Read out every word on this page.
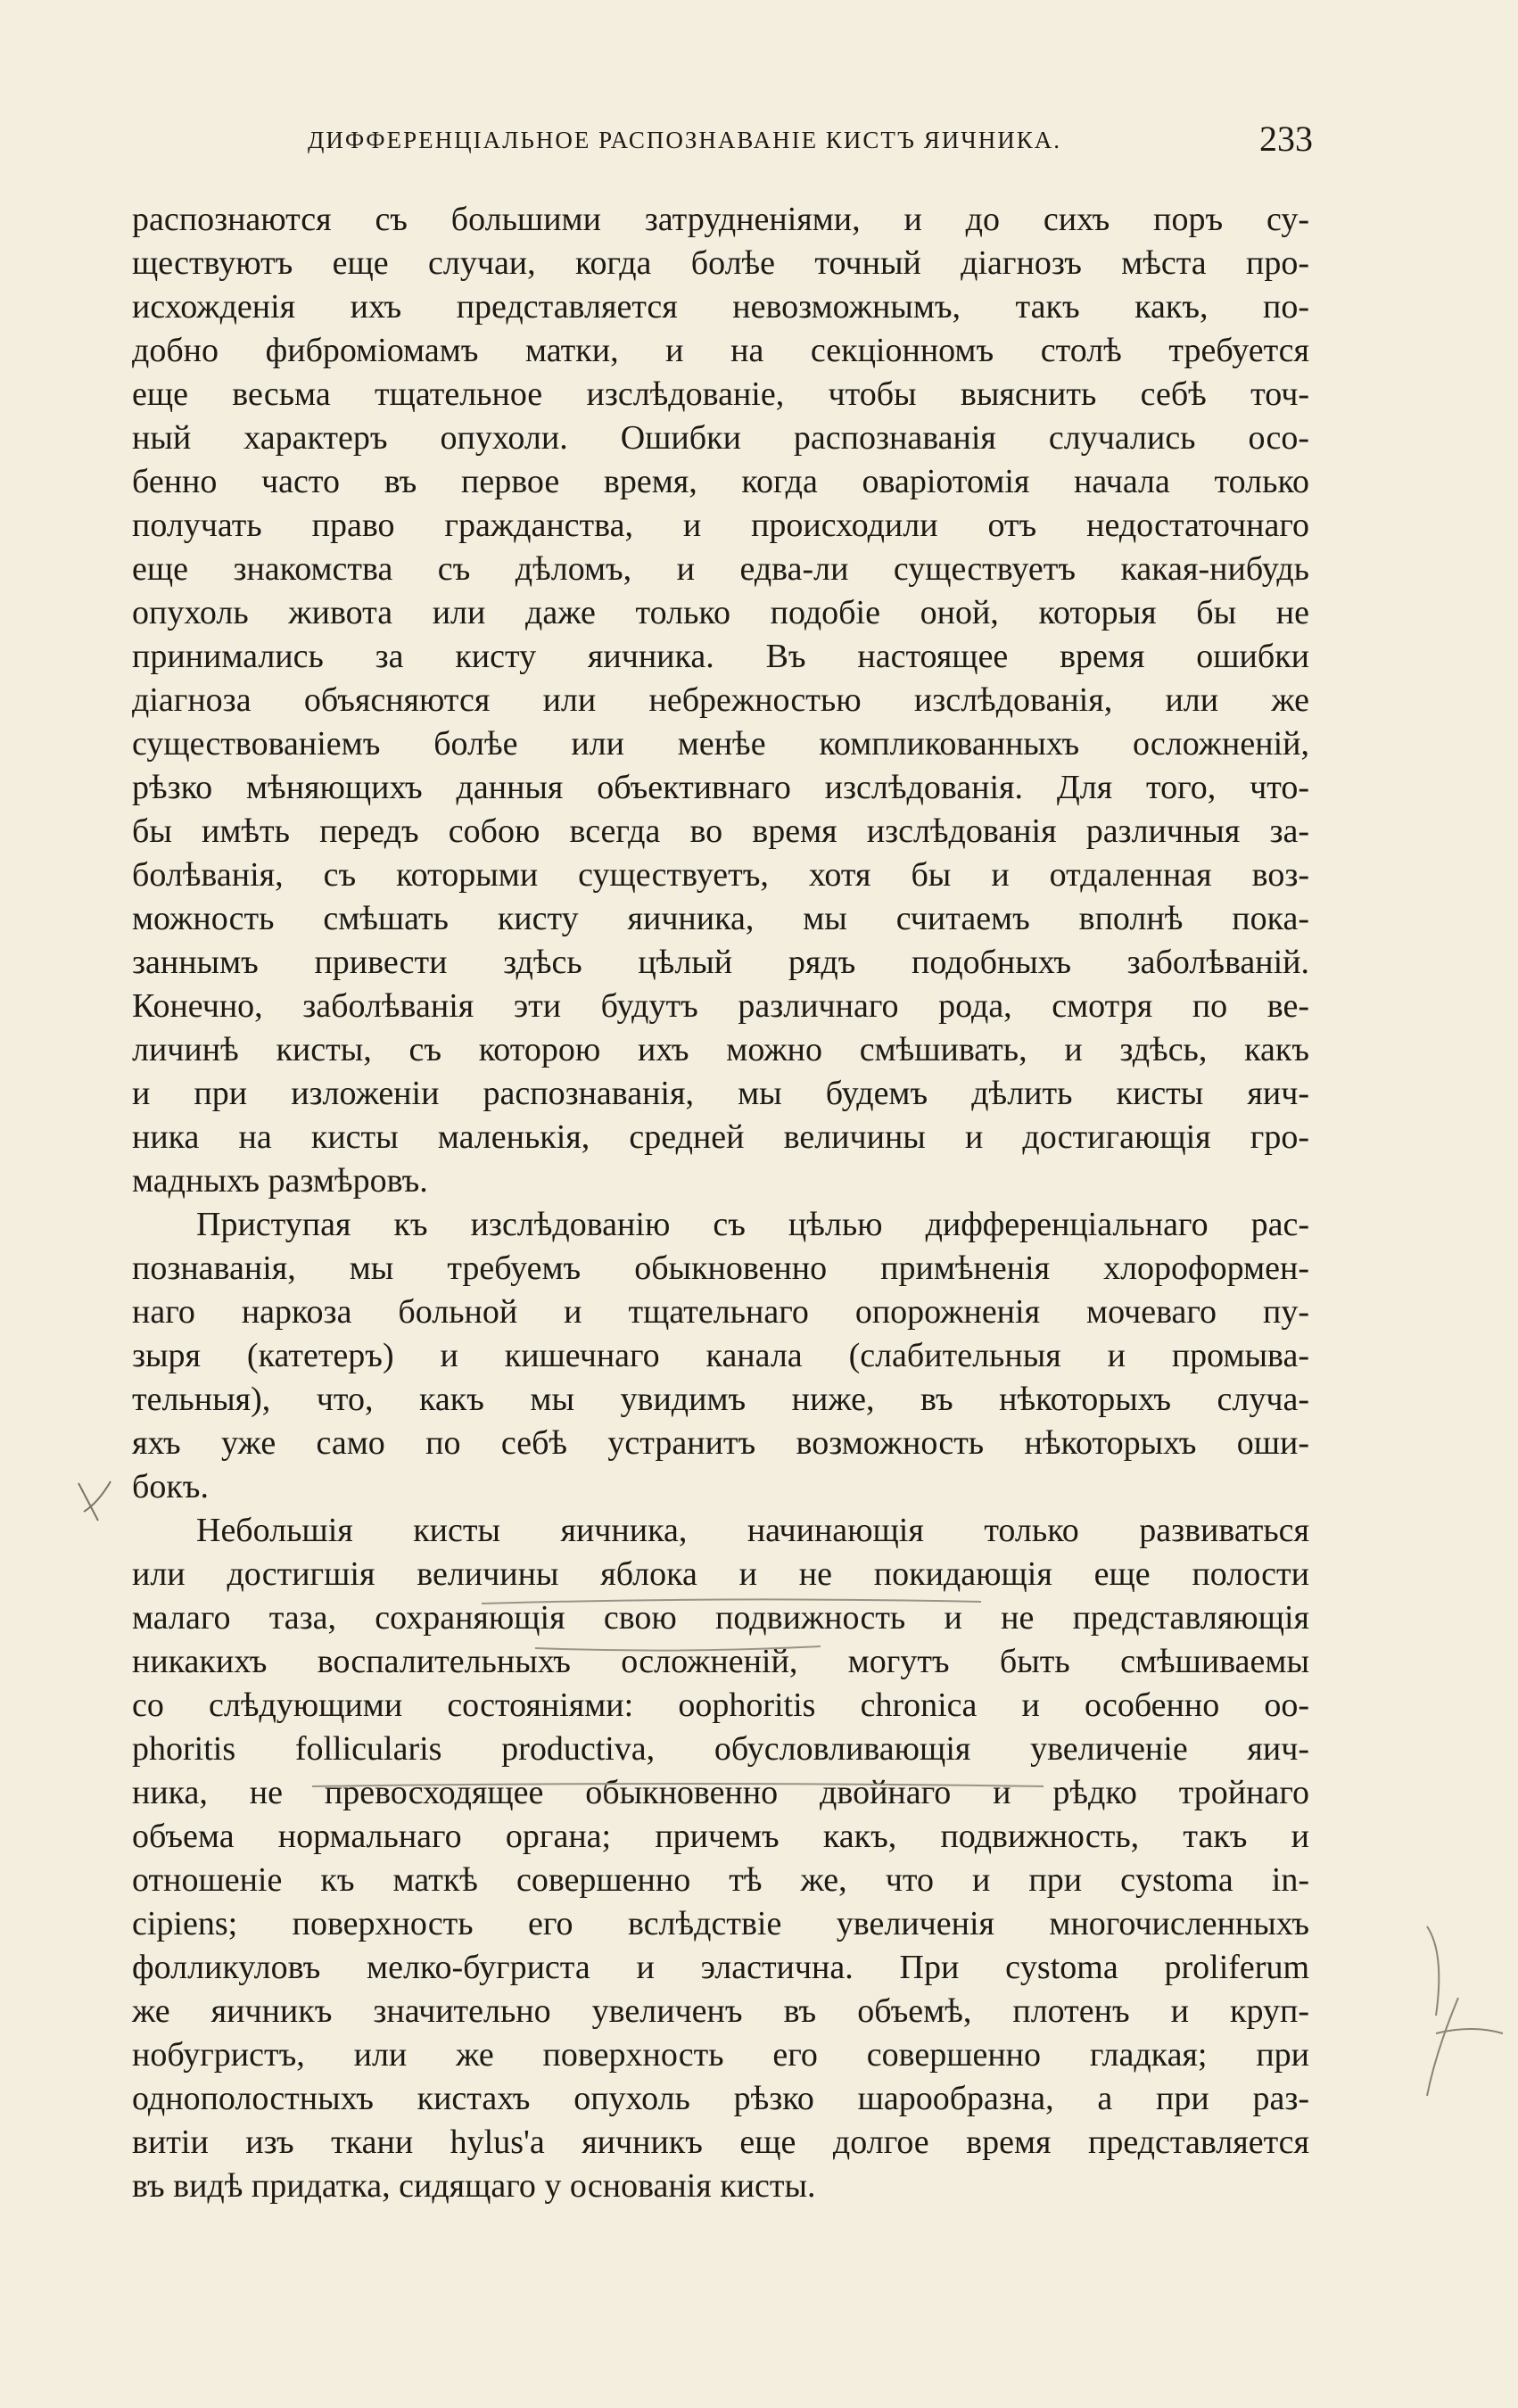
ДИФФЕРЕНЦІАЛЬНОЕ РАСПОЗНАВАНІЕ КИСТЪ ЯИЧНИКА.	233
распознаются съ большими затрудненіями, и до сихъ поръ су-
ществуютъ еще случаи, когда болѣе точный діагнозъ мѣста про-
исхожденія ихъ представляется невозможнымъ, такъ какъ, по-
добно фиброміомамъ матки, и на секціонномъ столѣ требуется
еще весьма тщательное изслѣдованіе, чтобы выяснить себѣ точ-
ный характеръ опухоли. Ошибки распознаванія случались осо-
бенно часто въ первое время, когда оваріотомія начала только
получать право гражданства, и происходили отъ недостаточнаго
еще знакомства съ дѣломъ, и едва-ли существуетъ какая-нибудь
опухоль живота или даже только подобіе оной, которыя бы не
принимались за кисту яичника. Въ настоящее время ошибки
діагноза объясняются или небрежностью изслѣдованія, или же
существованіемъ болѣе или менѣе компликованныхъ осложненій,
рѣзко мѣняющихъ данныя объективнаго изслѣдованія. Для того, что-
бы имѣть передъ собою всегда во время изслѣдованія различныя за-
болѣванія, съ которыми существуетъ, хотя бы и отдаленная воз-
можность смѣшать кисту яичника, мы считаемъ вполнѣ пока-
заннымъ привести здѣсь цѣлый рядъ подобныхъ заболѣваній.
Конечно, заболѣванія эти будутъ различнаго рода, смотря по ве-
личинѣ кисты, съ которою ихъ можно смѣшивать, и здѣсь, какъ
и при изложеніи распознаванія, мы будемъ дѣлить кисты яич-
ника на кисты маленькія, средней величины и достигающія гро-
мадныхъ размѣровъ.
Приступая къ изслѣдованію съ цѣлью дифференціальнаго рас-
познаванія, мы требуемъ обыкновенно примѣненія хлороформен-
наго наркоза больной и тщательнаго опорожненія мочеваго пу-
зыря (катетеръ) и кишечнаго канала (слабительныя и промыва-
тельныя), что, какъ мы увидимъ ниже, въ нѣкоторыхъ случа-
яхъ уже само по себѣ устранитъ возможность нѣкоторыхъ оши-
бокъ.
Небольшія кисты яичника, начинающія только развиваться
или достигшія величины яблока и не покидающія еще полости
малаго таза, сохраняющія свою подвижность и не представляющія
никакихъ воспалительныхъ осложненій, могутъ быть смѣшиваемы
со слѣдующими состояніями: oophoritis chronica и особенно oo-
phoritis follicularis productiva, обусловливающія увеличеніе яич-
ника, не превосходящее обыкновенно двойнаго и рѣдко тройнаго
объема нормальнаго органа; причемъ какъ, подвижность, такъ и
отношеніе къ маткѣ совершенно тѣ же, что и при cystoma in-
cipiens; поверхность его вслѣдствіе увеличенія многочисленныхъ
фолликуловъ мелко-бугриста и эластична. При cystoma proliferum
же яичникъ значительно увеличенъ въ объемѣ, плотенъ и круп-
нобугристъ, или же поверхность его совершенно гладкая; при
однополостныхъ кистахъ опухоль рѣзко шарообразна, а при раз-
витіи изъ ткани hylus'а яичникъ еще долгое время представляется
въ видѣ придатка, сидящаго у основанія кисты.
